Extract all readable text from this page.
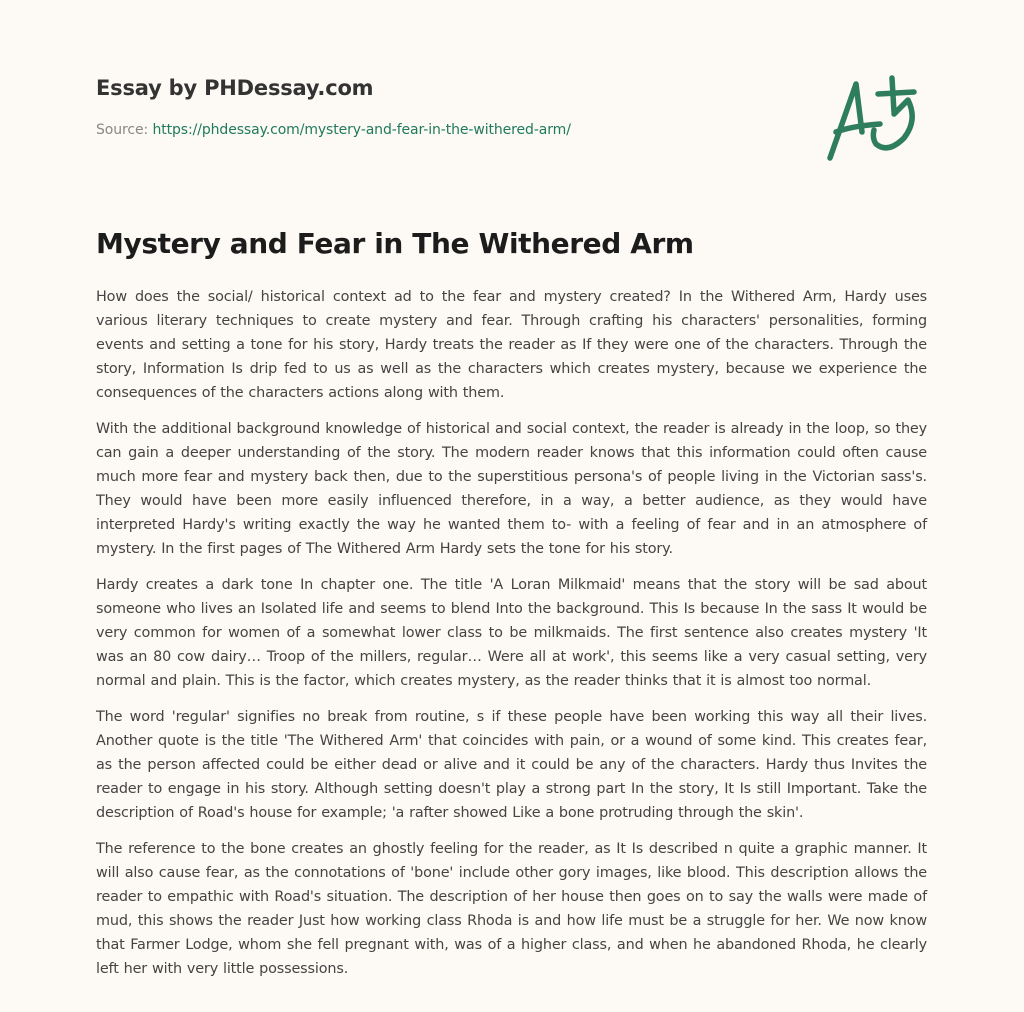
Essay by PHDessay.com
Source: https://phdessay.com/mystery-and-fear-in-the-withered-arm/
Mystery and Fear in The Withered Arm

How does the social/ historical context ad to the fear and mystery created? In the Withered Arm, Hardy uses various literary techniques to create mystery and fear. Through crafting his characters' personalities, forming events and setting a tone for his story, Hardy treats the reader as If they were one of the characters. Through the story, Information Is drip fed to us as well as the characters which creates mystery, because we experience the consequences of the characters actions along with them.

With the additional background knowledge of historical and social context, the reader is already in the loop, so they can gain a deeper understanding of the story. The modern reader knows that this information could often cause much more fear and mystery back then, due to the superstitious persona's of people living in the Victorian sass's. They would have been more easily influenced therefore, in a way, a better audience, as they would have interpreted Hardy's writing exactly the way he wanted them to- with a feeling of fear and in an atmosphere of mystery. In the first pages of The Withered Arm Hardy sets the tone for his story.

Hardy creates a dark tone In chapter one. The title 'A Loran Milkmaid' means that the story will be sad about someone who lives an Isolated life and seems to blend Into the background. This Is because In the sass It would be very common for women of a somewhat lower class to be milkmaids. The first sentence also creates mystery 'It was an 80 cow dairy… Troop of the millers, regular… Were all at work', this seems like a very casual setting, very normal and plain. This is the factor, which creates mystery, as the reader thinks that it is almost too normal.

The word 'regular' signifies no break from routine, s if these people have been working this way all their lives. Another quote is the title 'The Withered Arm' that coincides with pain, or a wound of some kind. This creates fear, as the person affected could be either dead or alive and it could be any of the characters. Hardy thus Invites the reader to engage in his story. Although setting doesn't play a strong part In the story, It Is still Important. Take the description of Road's house for example; 'a rafter showed Like a bone protruding through the skin'.

The reference to the bone creates an ghostly feeling for the reader, as It Is described n quite a graphic manner. It will also cause fear, as the connotations of 'bone' include other gory images, like blood. This description allows the reader to empathic with Road's situation. The description of her house then goes on to say the walls were made of mud, this shows the reader Just how working class Rhoda is and how life must be a struggle for her. We now know that Farmer Lodge, whom she fell pregnant with, was of a higher class, and when he abandoned Rhoda, he clearly left her with very little possessions.
